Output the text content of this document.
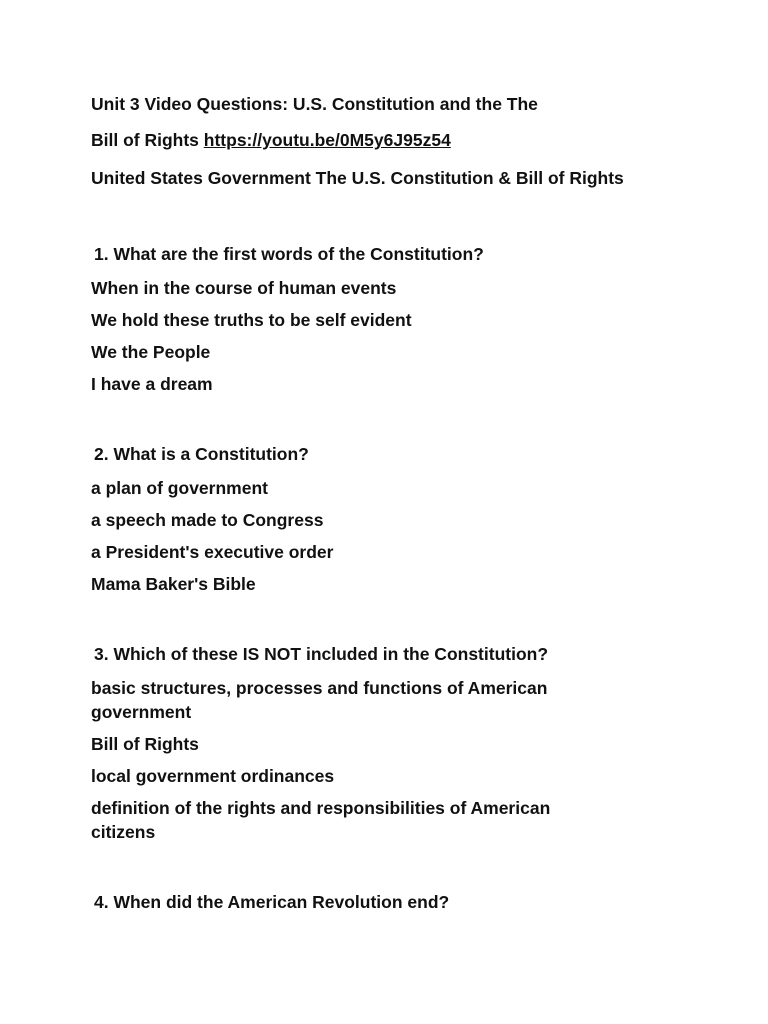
Unit 3 Video Questions: U.S. Constitution and the The

Bill of Rights https://youtu.be/0M5y6J95z54

United States Government The U.S. Constitution & Bill of Rights

1. What are the first words of the Constitution?

When in the course of human events

We hold these truths to be self evident

We the People

I have a dream

2. What is a Constitution?

a plan of government

a speech made to Congress

a President's executive order

Mama Baker's Bible

3. Which of these IS NOT included in the Constitution?

basic structures, processes and functions of American government

Bill of Rights

local government ordinances

definition of the rights and responsibilities of American citizens

4. When did the American Revolution end?
